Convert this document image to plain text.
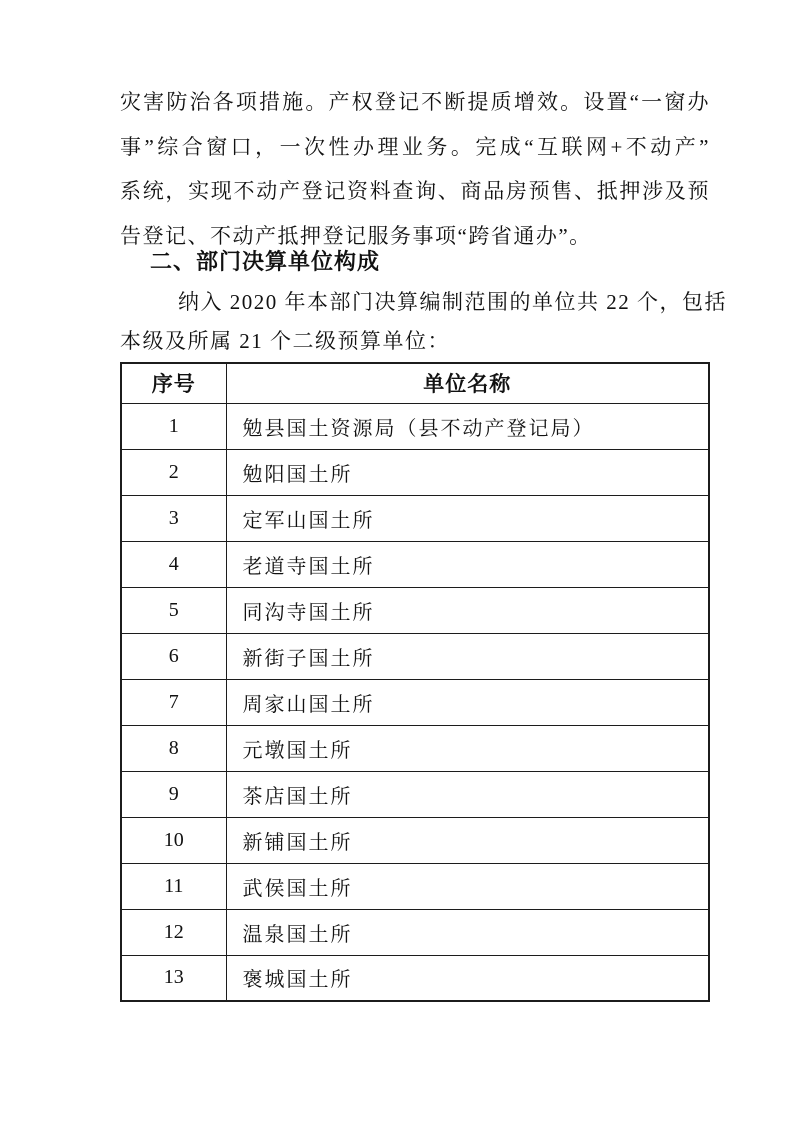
灾害防治各项措施。产权登记不断提质增效。设置“一窗办
事”综合窗口，一次性办理业务。完成“互联网+不动产”
系统，实现不动产登记资料查询、商品房预售、抵押涉及预
告登记、不动产抵押登记服务事项“跨省通办”。
二、部门决算单位构成
纳入 2020 年本部门决算编制范围的单位共 22 个，包括
本级及所属 21 个二级预算单位：
序号	单位名称
1	勉县国土资源局（县不动产登记局）
2	勉阳国土所
3	定军山国土所
4	老道寺国土所
5	同沟寺国土所
6	新街子国土所
7	周家山国土所
8	元墩国土所
9	茶店国土所
10	新铺国土所
11	武侯国土所
12	温泉国土所
13	褒城国土所
